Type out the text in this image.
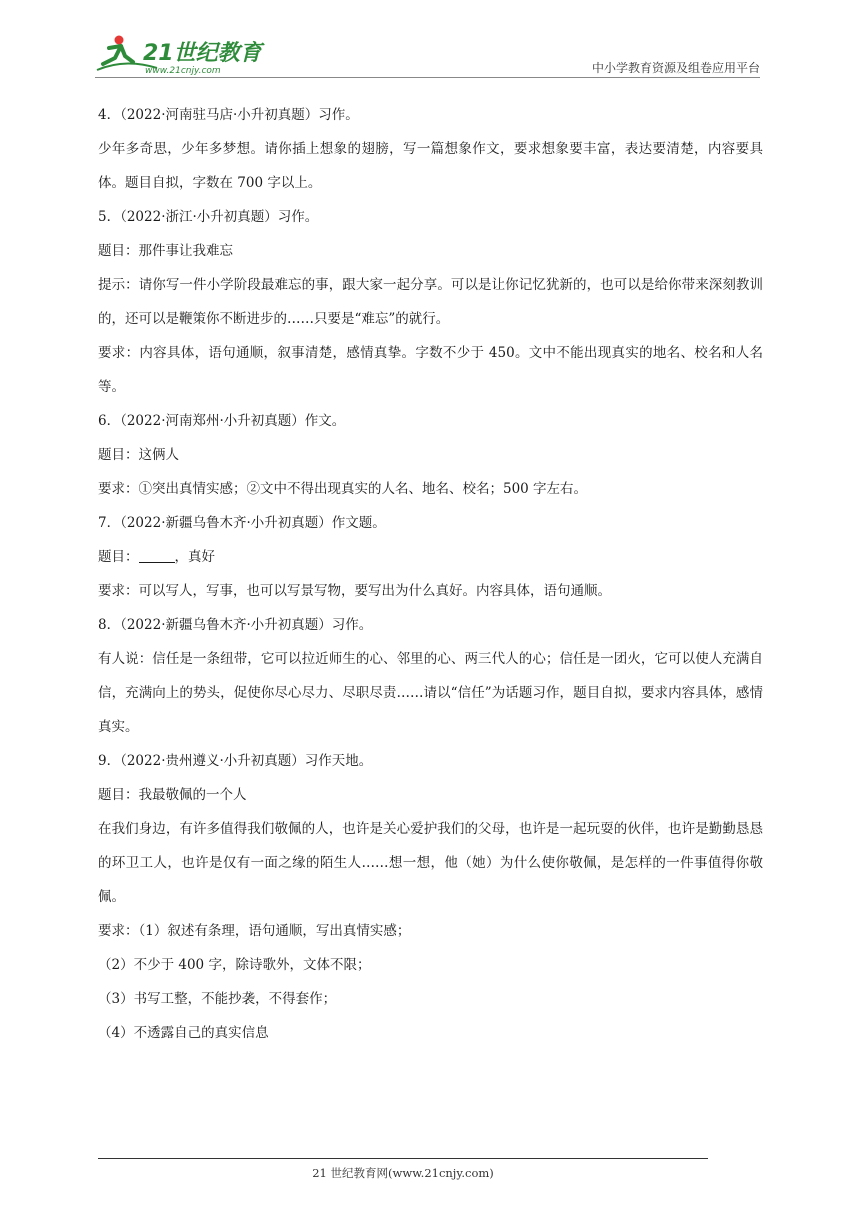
21世纪教育
www.21cnjy.com	中小学教育资源及组卷应用平台
4．（2022·河南驻马店·小升初真题）习作。
少年多奇思，少年多梦想。请你插上想象的翅膀，写一篇想象作文，要求想象要丰富，表达要清楚，内容要具体。题目自拟，字数在 700 字以上。
5．（2022·浙江·小升初真题）习作。
题目：那件事让我难忘
提示：请你写一件小学阶段最难忘的事，跟大家一起分享。可以是让你记忆犹新的，也可以是给你带来深刻教训的，还可以是鞭策你不断进步的……只要是“难忘”的就行。
要求：内容具体，语句通顺，叙事清楚，感情真挚。字数不少于 450。文中不能出现真实的地名、校名和人名等。
6．（2022·河南郑州·小升初真题）作文。
题目：这俩人
要求：①突出真情实感；②文中不得出现真实的人名、地名、校名；500 字左右。
7．（2022·新疆乌鲁木齐·小升初真题）作文题。
题目：	，真好
要求：可以写人，写事，也可以写景写物，要写出为什么真好。内容具体，语句通顺。
8．（2022·新疆乌鲁木齐·小升初真题）习作。
有人说：信任是一条纽带，它可以拉近师生的心、邻里的心、两三代人的心；信任是一团火，它可以使人充满自信，充满向上的势头，促使你尽心尽力、尽职尽责……请以“信任”为话题习作，题目自拟，要求内容具体，感情真实。
9．（2022·贵州遵义·小升初真题）习作天地。
题目：我最敬佩的一个人
在我们身边，有许多值得我们敬佩的人，也许是关心爱护我们的父母，也许是一起玩耍的伙伴，也许是勤勤恳恳的环卫工人，也许是仅有一面之缘的陌生人……想一想，他（她）为什么使你敬佩，是怎样的一件事值得你敬佩。
要求：（1）叙述有条理，语句通顺，写出真情实感；
（2）不少于 400 字，除诗歌外，文体不限；
（3）书写工整，不能抄袭，不得套作；
（4）不透露自己的真实信息
21 世纪教育网(www.21cnjy.com)
